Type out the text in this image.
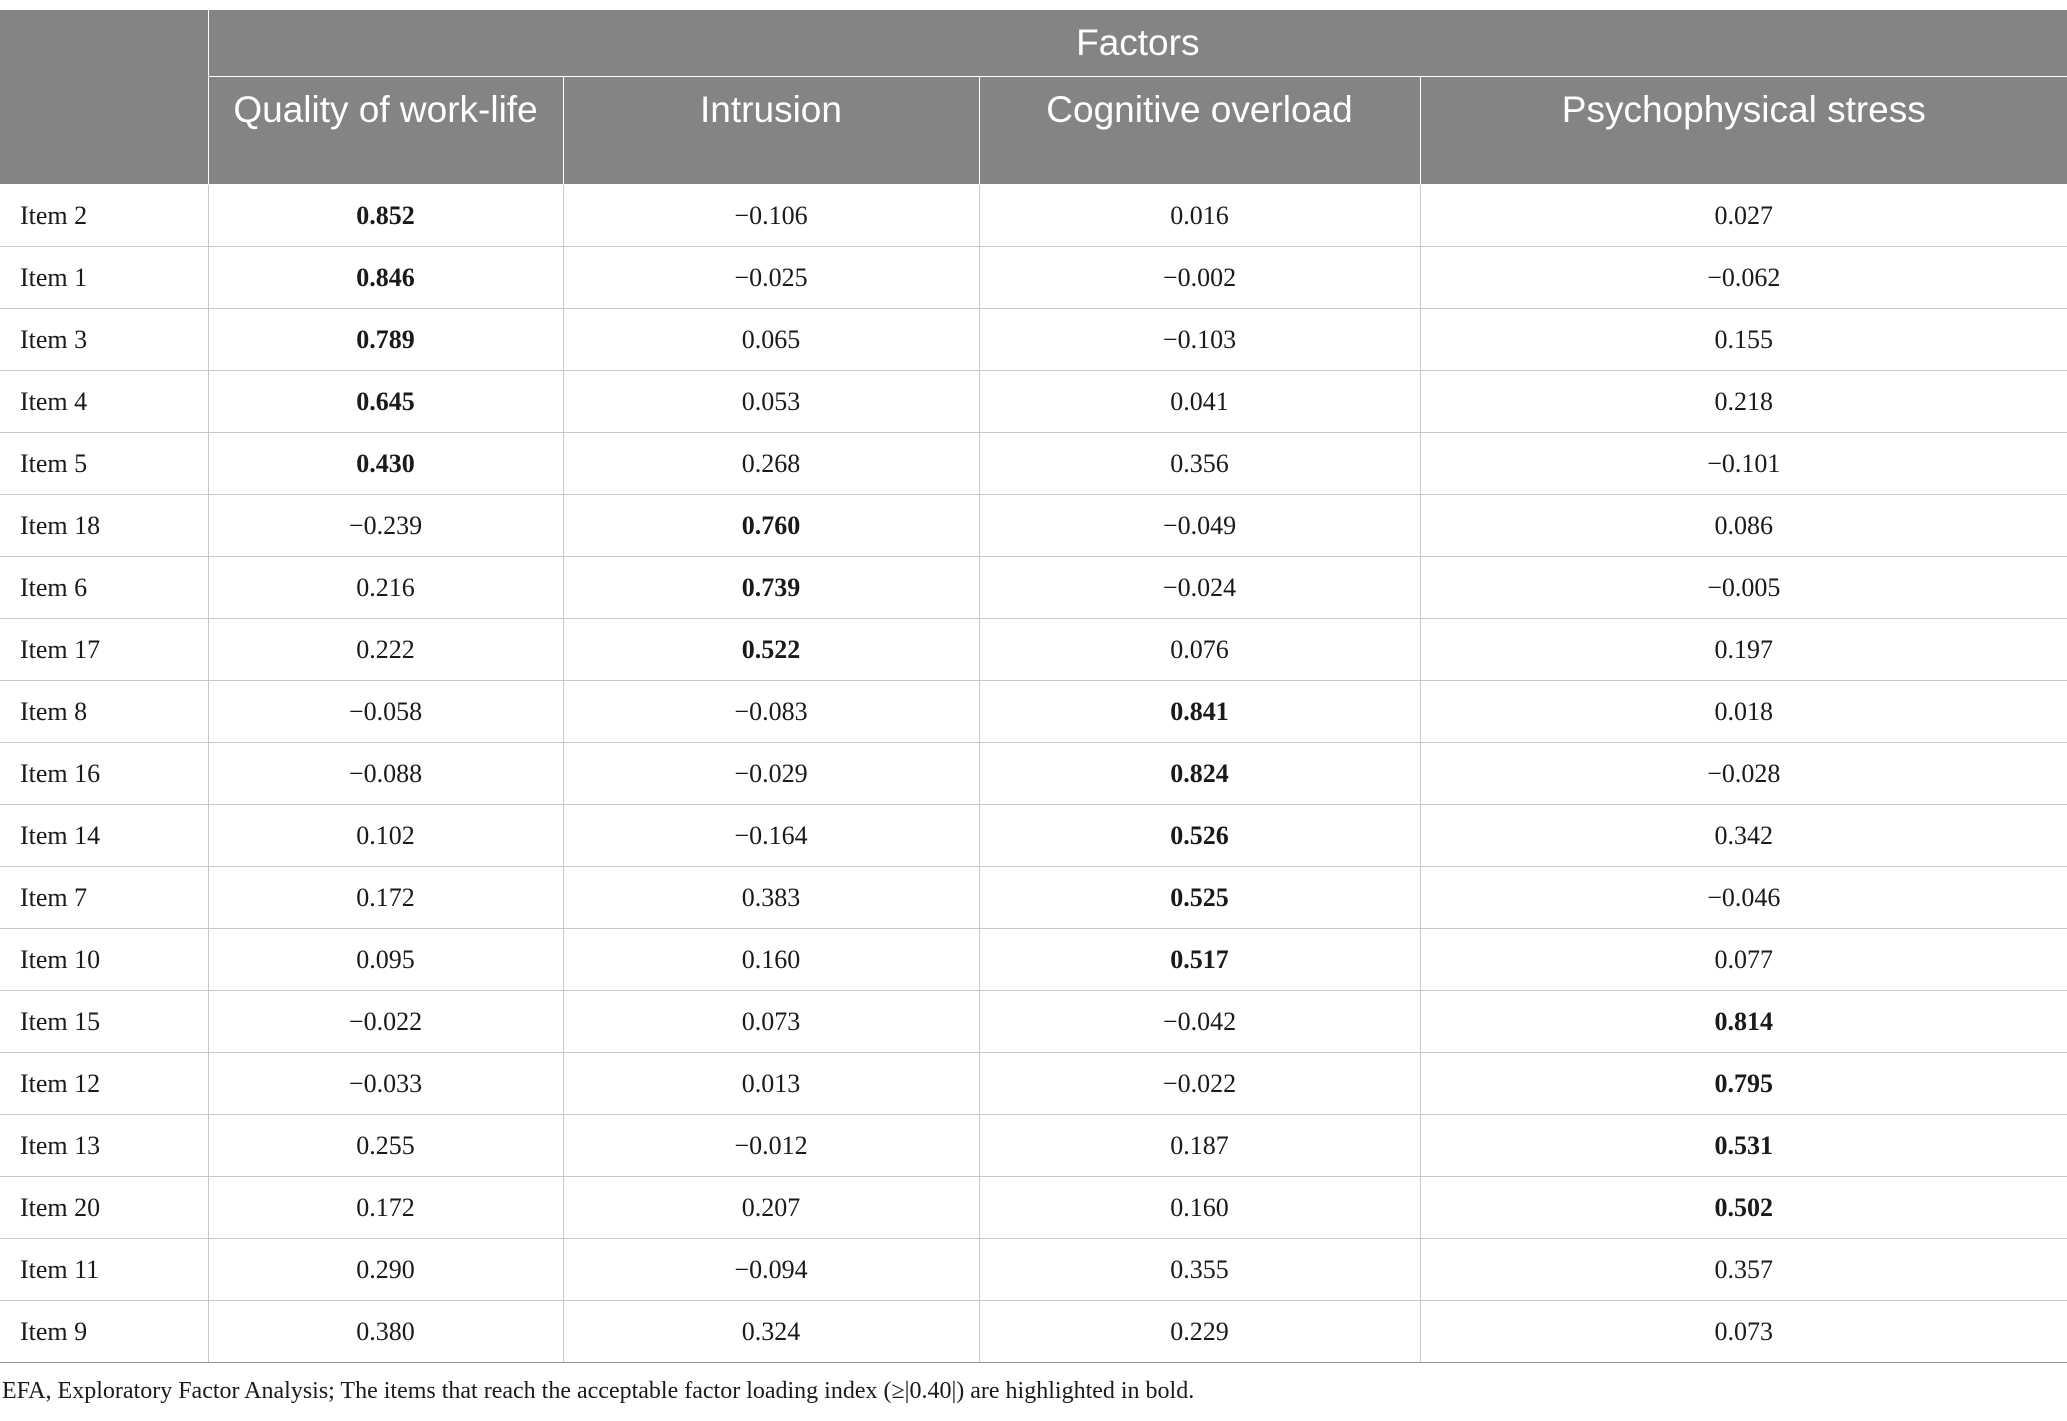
	Factors			
	Quality of work-life	Intrusion	Cognitive overload	Psychophysical stress
Item 2	0.852	−0.106	0.016	0.027
Item 1	0.846	−0.025	−0.002	−0.062
Item 3	0.789	0.065	−0.103	0.155
Item 4	0.645	0.053	0.041	0.218
Item 5	0.430	0.268	0.356	−0.101
Item 18	−0.239	0.760	−0.049	0.086
Item 6	0.216	0.739	−0.024	−0.005
Item 17	0.222	0.522	0.076	0.197
Item 8	−0.058	−0.083	0.841	0.018
Item 16	−0.088	−0.029	0.824	−0.028
Item 14	0.102	−0.164	0.526	0.342
Item 7	0.172	0.383	0.525	−0.046
Item 10	0.095	0.160	0.517	0.077
Item 15	−0.022	0.073	−0.042	0.814
Item 12	−0.033	0.013	−0.022	0.795
Item 13	0.255	−0.012	0.187	0.531
Item 20	0.172	0.207	0.160	0.502
Item 11	0.290	−0.094	0.355	0.357
Item 9	0.380	0.324	0.229	0.073
EFA, Exploratory Factor Analysis; The items that reach the acceptable factor loading index (≥|0.40|) are highlighted in bold.
